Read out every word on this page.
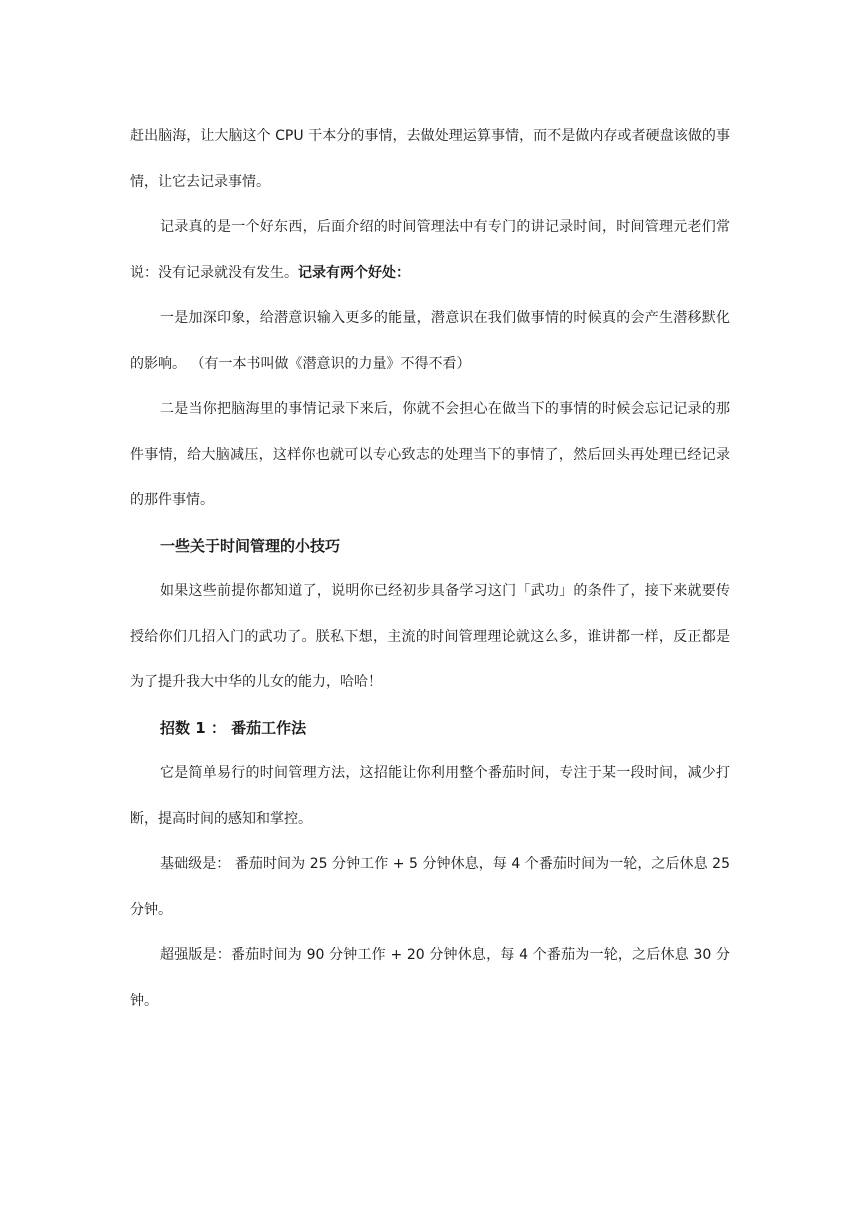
赶出脑海，让大脑这个 CPU 干本分的事情，去做处理运算事情，而不是做内存或者硬盘该做的事情，让它去记录事情。

记录真的是一个好东西，后面介绍的时间管理法中有专门的讲记录时间，时间管理元老们常说：没有记录就没有发生。记录有两个好处：

一是加深印象，给潜意识输入更多的能量，潜意识在我们做事情的时候真的会产生潜移默化的影响。 （有一本书叫做《潜意识的力量》不得不看）

二是当你把脑海里的事情记录下来后，你就不会担心在做当下的事情的时候会忘记记录的那件事情，给大脑减压，这样你也就可以专心致志的处理当下的事情了，然后回头再处理已经记录的那件事情。

一些关于时间管理的小技巧

如果这些前提你都知道了，说明你已经初步具备学习这门「武功」的条件了，接下来就要传授给你们几招入门的武功了。朕私下想，主流的时间管理理论就这么多，谁讲都一样，反正都是为了提升我大中华的儿女的能力，哈哈！

招数 1 ： 番茄工作法

它是简单易行的时间管理方法，这招能让你利用整个番茄时间，专注于某一段时间，减少打断，提高时间的感知和掌控。

基础级是： 番茄时间为 25 分钟工作 + 5 分钟休息，每 4 个番茄时间为一轮，之后休息 25 分钟。

超强版是：番茄时间为 90 分钟工作 + 20 分钟休息，每 4 个番茄为一轮，之后休息 30 分钟。
